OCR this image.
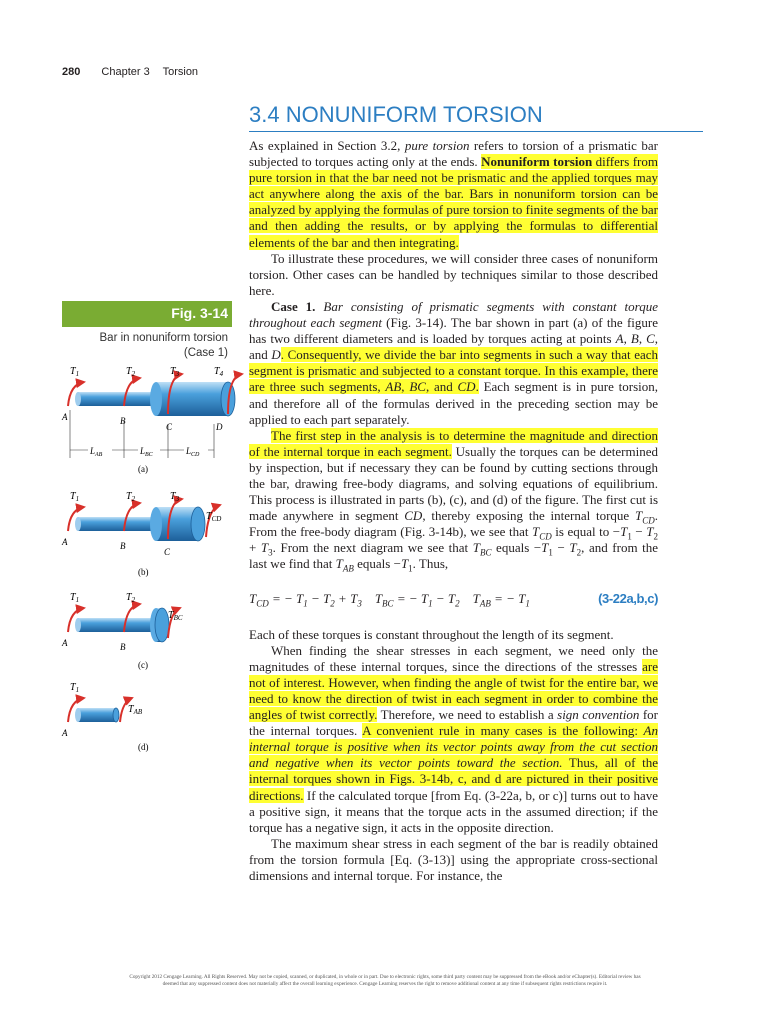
280 Chapter 3 Torsion
3.4 NONUNIFORM TORSION
Fig. 3-14
Bar in nonuniform torsion
(Case 1)
$T_1$	$T_2$	$T_3$	$T_4$
A	B
C	D
$L_{AB}$	$L_{BC}$	$L_{CD}$
(a)
$T_1$	$T_2$	$T_3$
$T_{CD}$
A	B
C
(b)
$T_1$	$T_2$
$T_{BC}$
A	B
(c)
$T_1$
$T_{AB}$
A
(d)

As explained in Section 3.2, pure torsion refers to torsion of a prismatic bar subjected to torques acting only at the ends. Nonuniform torsion differs from pure torsion in that the bar need not be prismatic and the applied torques may act anywhere along the axis of the bar. Bars in nonuniform torsion can be analyzed by applying the formulas of pure torsion to finite segments of the bar and then adding the results, or by applying the formulas to differential elements of the bar and then integrating.

To illustrate these procedures, we will consider three cases of nonuniform torsion. Other cases can be handled by techniques similar to those described here.

Case 1. Bar consisting of prismatic segments with constant torque throughout each segment (Fig. 3-14). The bar shown in part (a) of the figure has two different diameters and is loaded by torques acting at points A, B, C, and D. Consequently, we divide the bar into segments in such a way that each segment is prismatic and subjected to a constant torque. In this example, there are three such segments, AB, BC, and CD. Each segment is in pure torsion, and therefore all of the formulas derived in the preceding section may be applied to each part separately.

The first step in the analysis is to determine the magnitude and direction of the internal torque in each segment. Usually the torques can be determined by inspection, but if necessary they can be found by cutting sections through the bar, drawing free-body diagrams, and solving equations of equilibrium. This process is illustrated in parts (b), (c), and (d) of the figure. The first cut is made anywhere in segment CD, thereby exposing the internal torque $T_{CD}$. From the free-body diagram (Fig. 3-14b), we see that $T_{CD}$ is equal to $-T_1 - T_2 + T_3$. From the next diagram we see that $T_{BC}$ equals $-T_1 - T_2$, and from the last we find that $T_{AB}$ equals $-T_1$. Thus,

$T_{CD}$ = − $T_1 - T_2 + T_3$    $T_{BC}$ = − $T_1 - T_2$    $T_{AB}$ = − $T_1$	(3-22a,b,c)

Each of these torques is constant throughout the length of its segment.

When finding the shear stresses in each segment, we need only the magnitudes of these internal torques, since the directions of the stresses are not of interest. However, when finding the angle of twist for the entire bar, we need to know the direction of twist in each segment in order to combine the angles of twist correctly. Therefore, we need to establish a sign convention for the internal torques. A convenient rule in many cases is the following: An internal torque is positive when its vector points away from the cut section and negative when its vector points toward the section. Thus, all of the internal torques shown in Figs. 3-14b, c, and d are pictured in their positive directions. If the calculated torque [from Eq. (3-22a, b, or c)] turns out to have a positive sign, it means that the torque acts in the assumed direction; if the torque has a negative sign, it acts in the opposite direction.

The maximum shear stress in each segment of the bar is readily obtained from the torsion formula [Eq. (3-13)] using the appropriate cross-sectional dimensions and internal torque. For instance, the

Copyright 2012 Cengage Learning. All Rights Reserved. May not be copied, scanned, or duplicated, in whole or in part. Due to electronic rights, some third party content may be suppressed from the eBook and/or eChapter(s). Editorial review has
deemed that any suppressed content does not materially affect the overall learning experience. Cengage Learning reserves the right to remove additional content at any time if subsequent rights restrictions require it.
